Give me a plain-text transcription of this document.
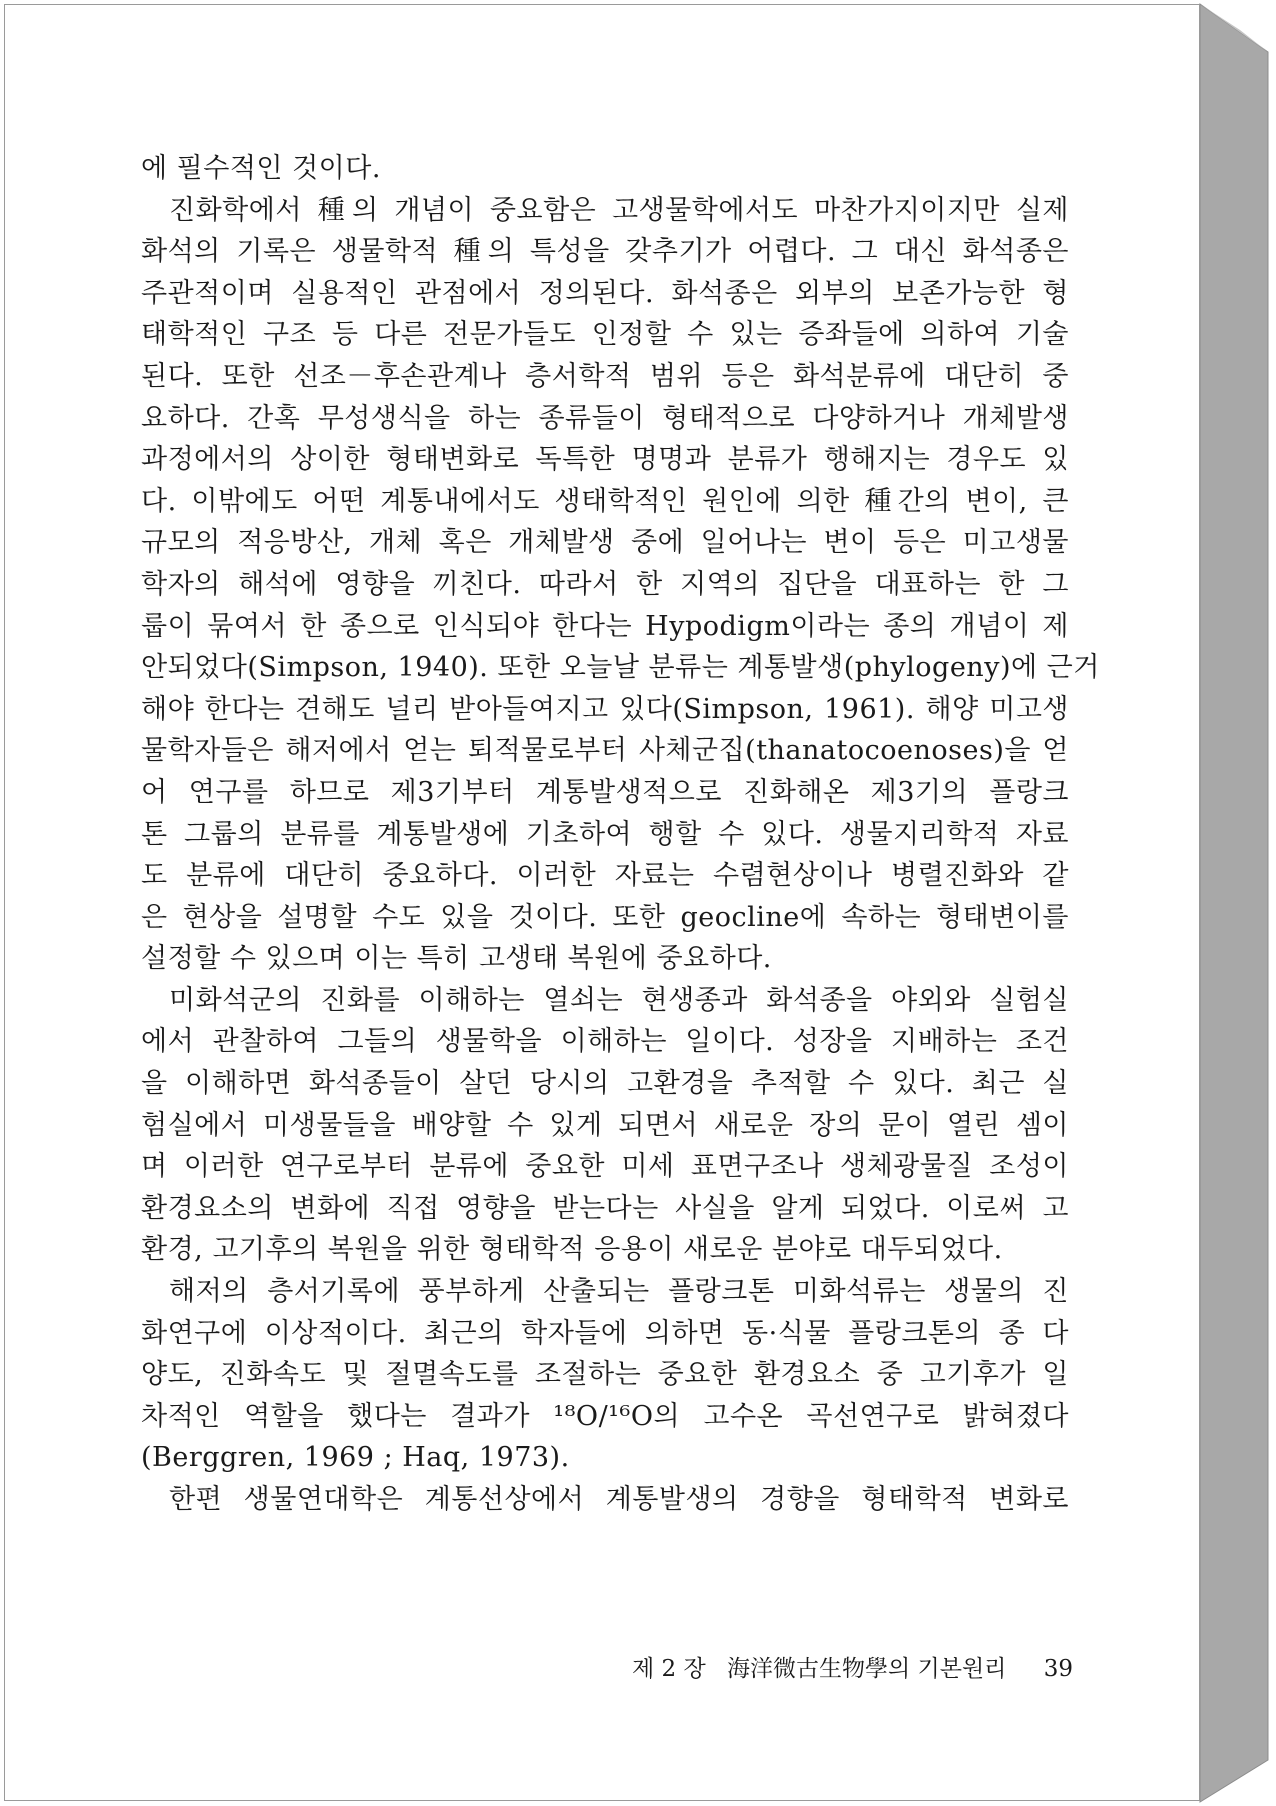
에 필수적인 것이다.
진화학에서 種의 개념이 중요함은 고생물학에서도 마찬가지이지만 실제
화석의 기록은 생물학적 種의 특성을 갖추기가 어렵다. 그 대신 화석종은
주관적이며 실용적인 관점에서 정의된다. 화석종은 외부의 보존가능한 형
태학적인 구조 등 다른 전문가들도 인정할 수 있는 증좌들에 의하여 기술
된다. 또한 선조－후손관계나 층서학적 범위 등은 화석분류에 대단히 중
요하다. 간혹 무성생식을 하는 종류들이 형태적으로 다양하거나 개체발생
과정에서의 상이한 형태변화로 독특한 명명과 분류가 행해지는 경우도 있
다. 이밖에도 어떤 계통내에서도 생태학적인 원인에 의한 種간의 변이, 큰
규모의 적응방산, 개체 혹은 개체발생 중에 일어나는 변이 등은 미고생물
학자의 해석에 영향을 끼친다. 따라서 한 지역의 집단을 대표하는 한 그
룹이 묶여서 한 종으로 인식되야 한다는 Hypodigm이라는 종의 개념이 제
안되었다(Simpson, 1940). 또한 오늘날 분류는 계통발생(phylogeny)에 근거
해야 한다는 견해도 널리 받아들여지고 있다(Simpson, 1961). 해양 미고생
물학자들은 해저에서 얻는 퇴적물로부터 사체군집(thanatocoenoses)을 얻
어 연구를 하므로 제3기부터 계통발생적으로 진화해온 제3기의 플랑크
톤 그룹의 분류를 계통발생에 기초하여 행할 수 있다. 생물지리학적 자료
도 분류에 대단히 중요하다. 이러한 자료는 수렴현상이나 병렬진화와 같
은 현상을 설명할 수도 있을 것이다. 또한 geocline에 속하는 형태변이를
설정할 수 있으며 이는 특히 고생태 복원에 중요하다.
미화석군의 진화를 이해하는 열쇠는 현생종과 화석종을 야외와 실험실
에서 관찰하여 그들의 생물학을 이해하는 일이다. 성장을 지배하는 조건
을 이해하면 화석종들이 살던 당시의 고환경을 추적할 수 있다. 최근 실
험실에서 미생물들을 배양할 수 있게 되면서 새로운 장의 문이 열린 셈이
며 이러한 연구로부터 분류에 중요한 미세 표면구조나 생체광물질 조성이
환경요소의 변화에 직접 영향을 받는다는 사실을 알게 되었다. 이로써 고
환경, 고기후의 복원을 위한 형태학적 응용이 새로운 분야로 대두되었다.
해저의 층서기록에 풍부하게 산출되는 플랑크톤 미화석류는 생물의 진
화연구에 이상적이다. 최근의 학자들에 의하면 동·식물 플랑크톤의 종 다
양도, 진화속도 및 절멸속도를 조절하는 중요한 환경요소 중 고기후가 일
차적인 역할을 했다는 결과가 ¹⁸O/¹⁶O의 고수온 곡선연구로 밝혀졌다
(Berggren, 1969 ; Haq, 1973).
한편 생물연대학은 계통선상에서 계통발생의 경향을 형태학적 변화로
제 2 장 海洋微古生物學의 기본원리 39
